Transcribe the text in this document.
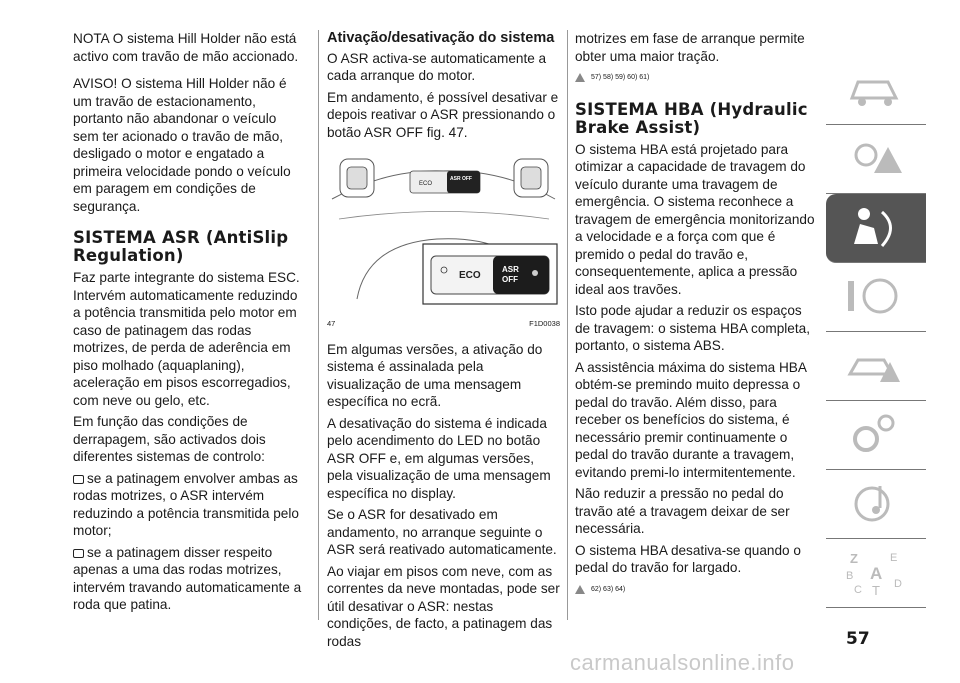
NOTA O sistema Hill Holder não está activo com travão de mão accionado.

AVISO! O sistema Hill Holder não é um travão de estacionamento, portanto não abandonar o veículo sem ter acionado o travão de mão, desligado o motor e engatado a primeira velocidade pondo o veículo em paragem em condições de segurança.

SISTEMA ASR (AntiSlip Regulation)

Faz parte integrante do sistema ESC. Intervém automaticamente reduzindo a potência transmitida pelo motor em caso de patinagem das rodas motrizes, de perda de aderência em piso molhado (aquaplaning), aceleração em pisos escorregadios, com neve ou gelo, etc.

Em função das condições de derrapagem, são activados dois diferentes sistemas de controlo:

se a patinagem envolver ambas as rodas motrizes, o ASR intervém reduzindo a potência transmitida pelo motor;

se a patinagem disser respeito apenas a uma das rodas motrizes, intervém travando automaticamente a roda que patina.

Ativação/desativação do sistema

O ASR activa-se automaticamente a cada arranque do motor.

Em andamento, é possível desativar e depois reativar o ASR pressionando o botão ASR OFF fig. 47.

ECO
ASR OFF
ECO
ASR
OFF
47	F1D0038

Em algumas versões, a ativação do sistema é assinalada pela visualização de uma mensagem específica no ecrã.

A desativação do sistema é indicada pelo acendimento do LED no botão ASR OFF e, em algumas versões, pela visualização de uma mensagem específica no display.

Se o ASR for desativado em andamento, no arranque seguinte o ASR será reativado automaticamente.

Ao viajar em pisos com neve, com as correntes da neve montadas, pode ser útil desativar o ASR: nestas condições, de facto, a patinagem das rodas

motrizes em fase de arranque permite obter uma maior tração.

57) 58) 59) 60) 61)
SISTEMA HBA (Hydraulic Brake Assist)

O sistema HBA está projetado para otimizar a capacidade de travagem do veículo durante uma travagem de emergência. O sistema reconhece a travagem de emergência monitorizando a velocidade e a força com que é premido o pedal do travão e, consequentemente, aplica a pressão ideal aos travões.

Isto pode ajudar a reduzir os espaços de travagem: o sistema HBA completa, portanto, o sistema ABS.

A assistência máxima do sistema HBA obtém-se premindo muito depressa o pedal do travão. Além disso, para receber os benefícios do sistema, é necessário premir continuamente o pedal do travão durante a travagem, evitando premi-lo intermitentemente.

Não reduzir a pressão no pedal do travão até a travagem deixar de ser necessária.

O sistema HBA desativa-se quando o pedal do travão for largado.

62) 63) 64)
Z	E
B A
C T D
57
carmanualsonline.info
